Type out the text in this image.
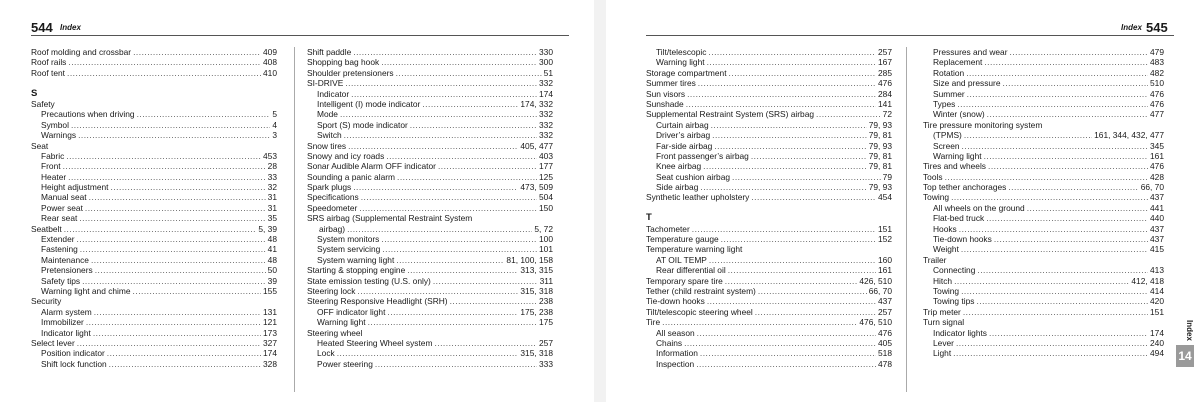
544 Index
Roof molding and crossbar .....	409
Roof rails .....	408
Roof tent .....	410
S
Safety
Precautions when driving .....	5
Symbol .....	4
Warnings .....	3
Seat
Fabric .....	453
Front .....	28
Heater .....	33
Height adjustment .....	32
Manual seat .....	31
Power seat .....	31
Rear seat .....	35
Seatbelt .....	5, 39
Extender .....	48
Fastening .....	41
Maintenance .....	48
Pretensioners .....	50
Safety tips .....	39
Warning light and chime .....	155
Security
Alarm system .....	131
Immobilizer .....	121
Indicator light .....	173
Select lever .....	327
Position indicator .....	174
Shift lock function .....	328
Shift paddle .....	330
Shopping bag hook .....	300
Shoulder pretensioners .....	51
SI-DRIVE .....	332
Indicator .....	174
Intelligent (I) mode indicator .....	174, 332
Mode .....	332
Sport (S) mode indicator .....	332
Switch .....	332
Snow tires .....	405, 477
Snowy and icy roads .....	403
Sonar Audible Alarm OFF indicator .....	177
Sounding a panic alarm .....	125
Spark plugs .....	473, 509
Specifications .....	504
Speedometer .....	150
SRS airbag (Supplemental Restraint System
airbag) .....	5, 72
System monitors .....	100
System servicing .....	101
System warning light .....	81, 100, 158
Starting & stopping engine .....	313, 315
State emission testing (U.S. only) .....	311
Steering lock .....	315, 318
Steering Responsive Headlight (SRH) .....	238
OFF indicator light .....	175, 238
Warning light .....	175
Steering wheel
Heated Steering Wheel system .....	257
Lock .....	315, 318
Power steering .....	333
Index 545
Tilt/telescopic .....	257
Warning light .....	167
Storage compartment .....	285
Summer tires .....	476
Sun visors .....	284
Sunshade .....	141
Supplemental Restraint System (SRS) airbag .....	72
Curtain airbag .....	79, 93
Driver’s airbag .....	79, 81
Far-side airbag .....	79, 93
Front passenger’s airbag .....	79, 81
Knee airbag .....	79, 81
Seat cushion airbag .....	79
Side airbag .....	79, 93
Synthetic leather upholstery .....	454
T
Tachometer .....	151
Temperature gauge .....	152
Temperature warning light
AT OIL TEMP .....	160
Rear differential oil .....	161
Temporary spare tire .....	426, 510
Tether (child restraint system) .....	66, 70
Tie-down hooks .....	437
Tilt/telescopic steering wheel .....	257
Tire .....	476, 510
All season .....	476
Chains .....	405
Information .....	518
Inspection .....	478
Pressures and wear .....	479
Replacement .....	483
Rotation .....	482
Size and pressure .....	510
Summer .....	476
Types .....	476
Winter (snow) .....	477
Tire pressure monitoring system
(TPMS) .....	161, 344, 432, 477
Screen .....	345
Warning light .....	161
Tires and wheels .....	476
Tools .....	428
Top tether anchorages .....	66, 70
Towing .....	437
All wheels on the ground .....	441
Flat-bed truck .....	440
Hooks .....	437
Tie-down hooks .....	437
Weight .....	415
Trailer
Connecting .....	413
Hitch .....	412, 418
Towing .....	414
Towing tips .....	420
Trip meter .....	151
Turn signal
Indicator lights .....	174
Lever .....	240
Light .....	494
Index
14
